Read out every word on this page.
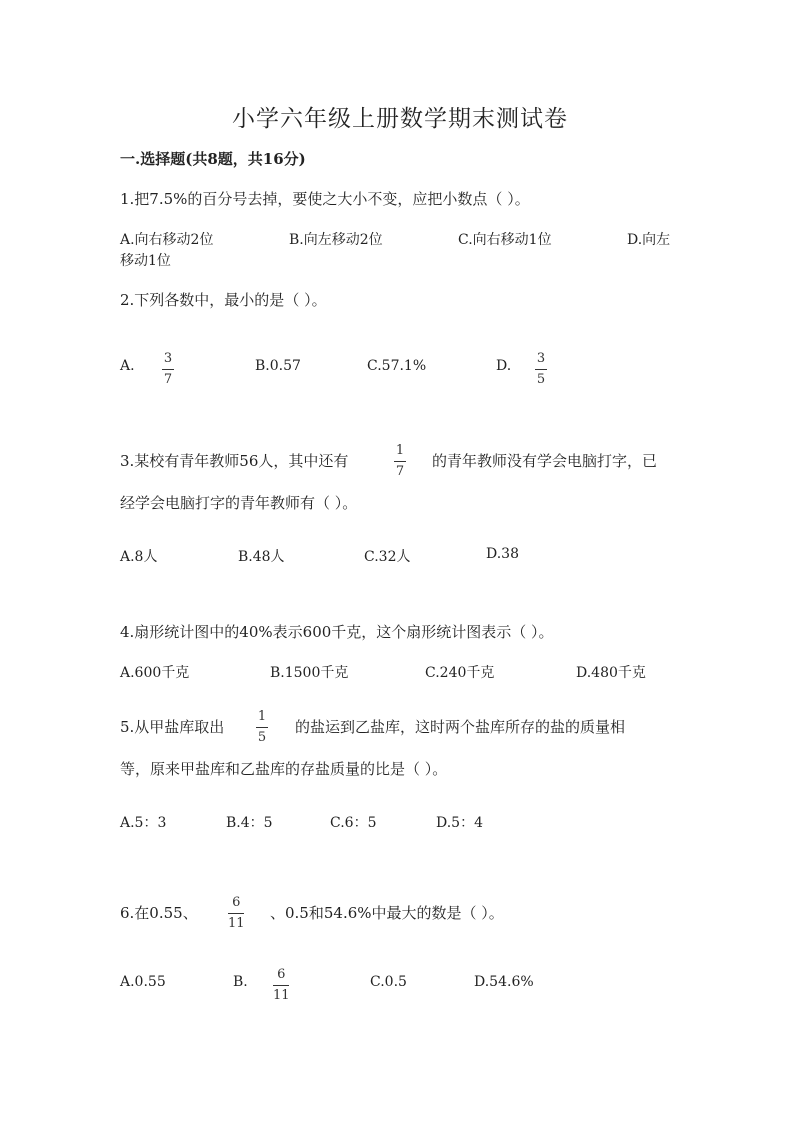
小学六年级上册数学期末测试卷
一.选择题(共8题，共16分)
1.把7.5%的百分号去掉，要使之大小不变，应把小数点（ ）。
A.向右移动2位	B.向左移动2位	C.向右移动1位	D.向左
移动1位
2.下列各数中，最小的是（ ）。
A. 3
7
B.0.57	C.57.1%	D. 3
5
3.某校有青年教师56人，其中还有
1
7
的青年教师没有学会电脑打字，已
经学会电脑打字的青年教师有（ ）。
A.8人	B.48人	C.32人	D.38
4.扇形统计图中的40%表示600千克，这个扇形统计图表示（ ）。
A.600千克	B.1500千克	C.240千克	D.480千克
5.从甲盐库取出
1
5
的盐运到乙盐库，这时两个盐库所存的盐的质量相
等，原来甲盐库和乙盐库的存盐质量的比是（ ）。
A.5：3	B.4：5	C.6：5	D.5：4
6.在0.55、
6
11
、0.5和54.6%中最大的数是（ ）。
A.0.55	B. 6
11
C.0.5	D.54.6%
